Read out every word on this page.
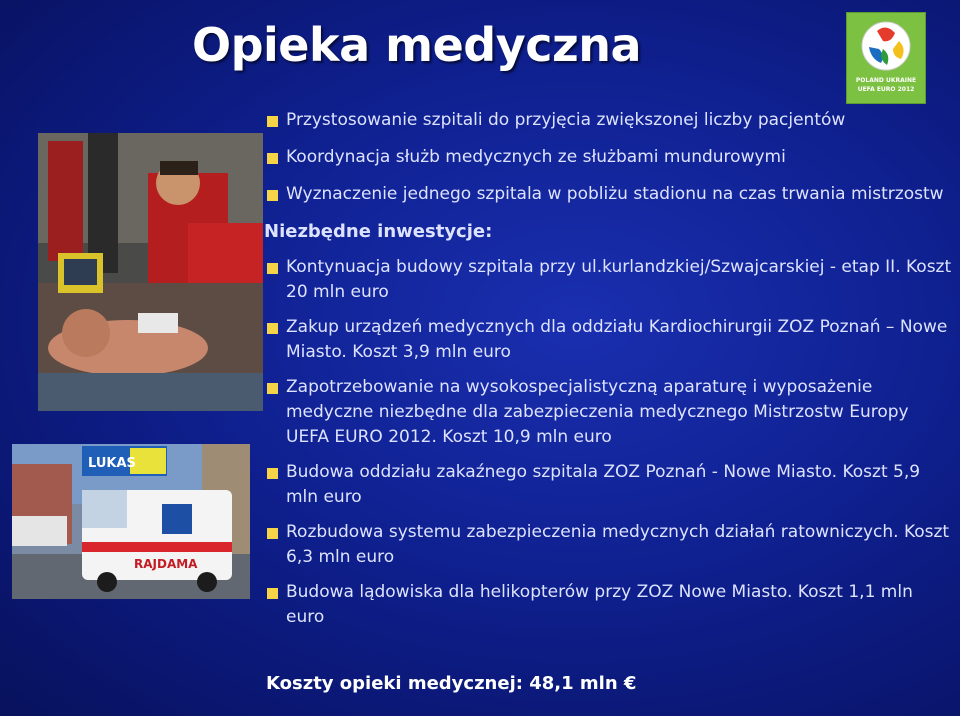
Opieka medyczna
POLAND UKRAINE
UEFA EURO 2012
LUKAS
RAJDAMA
Przystosowanie szpitali do przyjęcia zwiększonej liczby pacjentów
Koordynacja służb medycznych ze służbami mundurowymi
Wyznaczenie jednego szpitala w pobliżu stadionu na czas trwania mistrzostw
Niezbędne inwestycje:
Kontynuacja budowy szpitala przy ul.kurlandzkiej/Szwajcarskiej - etap II. Koszt 20 mln euro
Zakup urządzeń medycznych dla oddziału Kardiochirurgii ZOZ Poznań – Nowe Miasto. Koszt 3,9 mln euro
Zapotrzebowanie na wysokospecjalistyczną aparaturę i wyposażenie medyczne niezbędne dla zabezpieczenia medycznego Mistrzostw Europy UEFA EURO 2012. Koszt 10,9 mln euro
Budowa oddziału zakaźnego szpitala ZOZ Poznań - Nowe Miasto. Koszt 5,9 mln euro
Rozbudowa systemu zabezpieczenia medycznych działań ratowniczych. Koszt 6,3 mln euro
Budowa lądowiska dla helikopterów przy ZOZ Nowe Miasto. Koszt 1,1 mln euro
Koszty opieki medycznej: 48,1 mln €
